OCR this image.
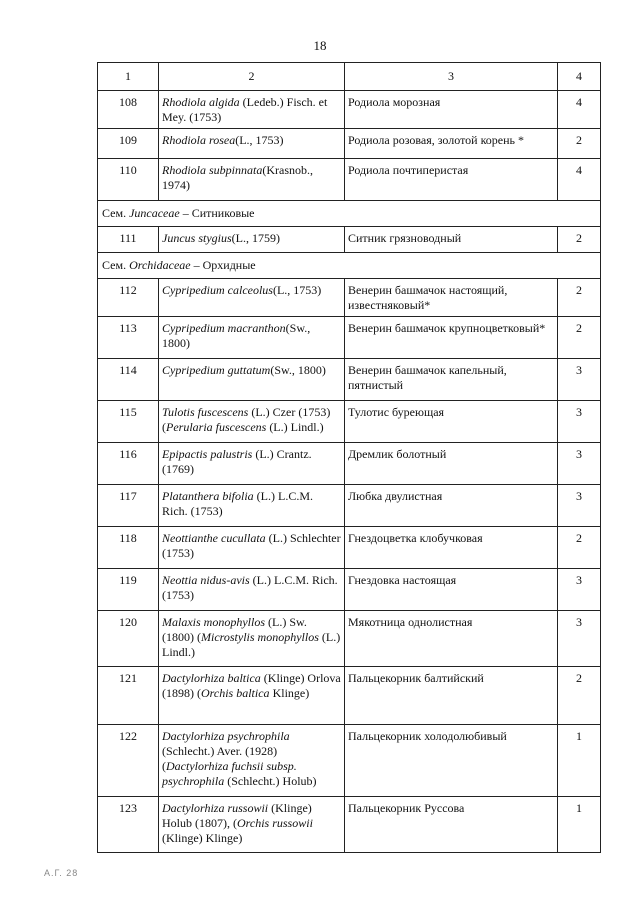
18
1	2	3	4
108	Rhodiola algida (Ledeb.) Fisch. et Mey. (1753)	Родиола морозная	4
109	Rhodiola rosea(L., 1753)	Родиола розовая, золотой корень *	2
110	Rhodiola subpinnata(Krasnob., 1974)	Родиола почтиперистая	4
Сем. Juncaceae – Ситниковые			
111	Juncus stygius(L., 1759)	Ситник грязноводный	2
Сем. Orchidaceae – Орхидные			
112	Cypripedium calceolus(L., 1753)	Венерин башмачок настоящий, известняковый*	2
113	Cypripedium macranthon(Sw., 1800)	Венерин башмачок крупноцветковый*	2
114	Cypripedium guttatum(Sw., 1800)	Венерин башмачок капельный, пятнистый	3
115	Tulotis fuscescens (L.) Czer (1753) (Perularia fuscescens (L.) Lindl.)	Тулотис буреющая	3
116	Epipactis palustris (L.) Crantz. (1769)	Дремлик болотный	3
117	Platanthera bifolia (L.) L.C.M. Rich. (1753)	Любка двулистная	3
118	Neottianthe cucullata (L.) Schlechter (1753)	Гнездоцветка клобучковая	2
119	Neottia nidus-avis (L.) L.C.M. Rich. (1753)	Гнездовка настоящая	3
120	Malaxis monophyllos (L.) Sw. (1800) (Microstylis monophyllos (L.) Lindl.)	Мякотница однолистная	3
121	Dactylorhiza baltica (Klinge) Orlova (1898) (Orchis baltica Klinge)	Пальцекорник балтийский	2
122	Dactylorhiza psychrophila (Schlecht.) Aver. (1928) (Dactylorhiza fuchsii subsp. psychrophila (Schlecht.) Holub)	Пальцекорник холодолюбивый	1
123	Dactylorhiza russowii (Klinge) Holub (1807), (Orchis russowii (Klinge) Klinge)	Пальцекорник Руссова	1
А.Г. 28
